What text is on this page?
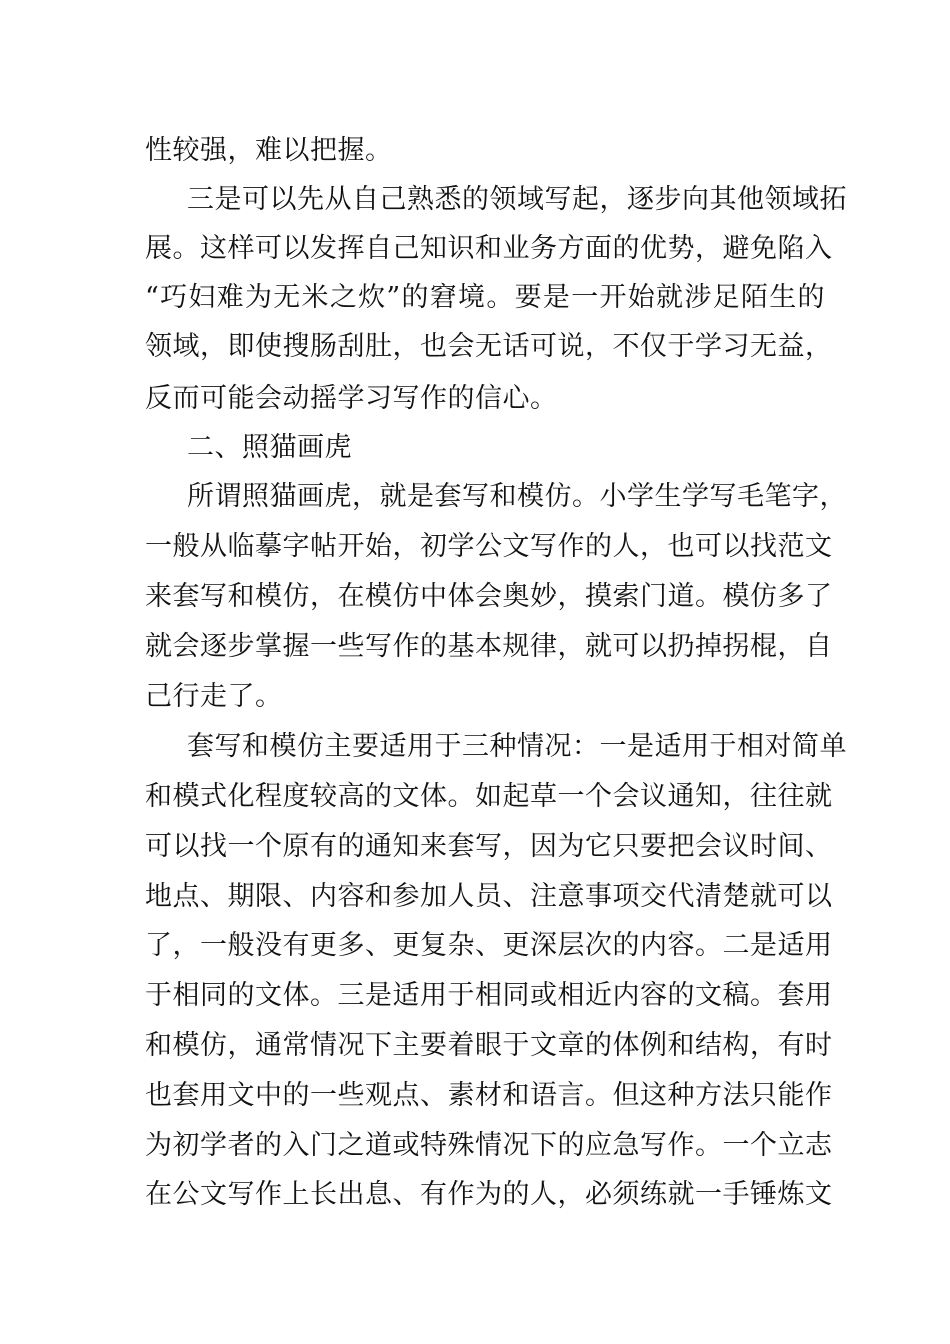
性较强，难以把握。
三是可以先从自己熟悉的领域写起，逐步向其他领域拓
展。这样可以发挥自己知识和业务方面的优势，避免陷入
“巧妇难为无米之炊”的窘境。要是一开始就涉足陌生的
领域，即使搜肠刮肚，也会无话可说，不仅于学习无益，
反而可能会动摇学习写作的信心。
二、照猫画虎
所谓照猫画虎，就是套写和模仿。小学生学写毛笔字，
一般从临摹字帖开始，初学公文写作的人，也可以找范文
来套写和模仿，在模仿中体会奥妙，摸索门道。模仿多了
就会逐步掌握一些写作的基本规律，就可以扔掉拐棍，自
己行走了。
套写和模仿主要适用于三种情况：一是适用于相对简单
和模式化程度较高的文体。如起草一个会议通知，往往就
可以找一个原有的通知来套写，因为它只要把会议时间、
地点、期限、内容和参加人员、注意事项交代清楚就可以
了，一般没有更多、更复杂、更深层次的内容。二是适用
于相同的文体。三是适用于相同或相近内容的文稿。套用
和模仿，通常情况下主要着眼于文章的体例和结构，有时
也套用文中的一些观点、素材和语言。但这种方法只能作
为初学者的入门之道或特殊情况下的应急写作。一个立志
在公文写作上长出息、有作为的人，必须练就一手锤炼文
